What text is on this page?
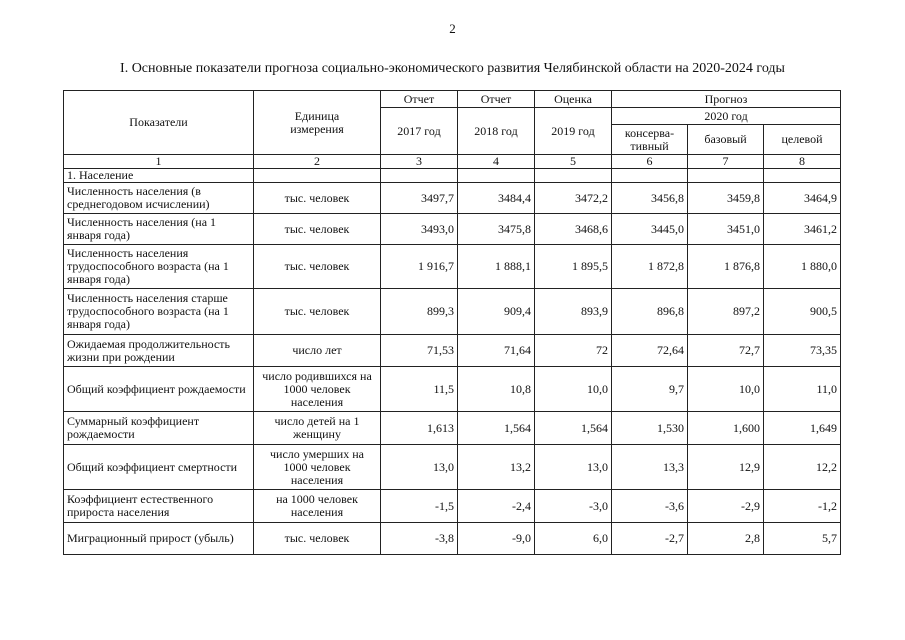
2
I. Основные показатели прогноза социально-экономического развития Челябинской области на 2020-2024 годы
Показатели	Единица измерения	Отчет	Отчет	Оценка	Прогноз		
		2017 год	2018 год	2019 год	2020 год		
					консерва-тивный	базовый	целевой
1	2	3	4	5	6	7	8
1. Население							
Численность населения (в среднегодовом исчислении)	тыс. человек	3497,7	3484,4	3472,2	3456,8	3459,8	3464,9
Численность населения (на 1 января года)	тыс. человек	3493,0	3475,8	3468,6	3445,0	3451,0	3461,2
Численность населения трудоспособного возраста (на 1 января года)	тыс. человек	1 916,7	1 888,1	1 895,5	1 872,8	1 876,8	1 880,0
Численность населения старше трудоспособного возраста (на 1 января года)	тыс. человек	899,3	909,4	893,9	896,8	897,2	900,5
Ожидаемая продолжительность жизни при рождении	число лет	71,53	71,64	72	72,64	72,7	73,35
Общий коэффициент рождаемости	число родившихся на 1000 человек населения	11,5	10,8	10,0	9,7	10,0	11,0
Суммарный коэффициент рождаемости	число детей на 1 женщину	1,613	1,564	1,564	1,530	1,600	1,649
Общий коэффициент смертности	число умерших на 1000 человек населения	13,0	13,2	13,0	13,3	12,9	12,2
Коэффициент естественного прироста населения	на 1000 человек населения	-1,5	-2,4	-3,0	-3,6	-2,9	-1,2
Миграционный прирост (убыль)	тыс. человек	-3,8	-9,0	6,0	-2,7	2,8	5,7
